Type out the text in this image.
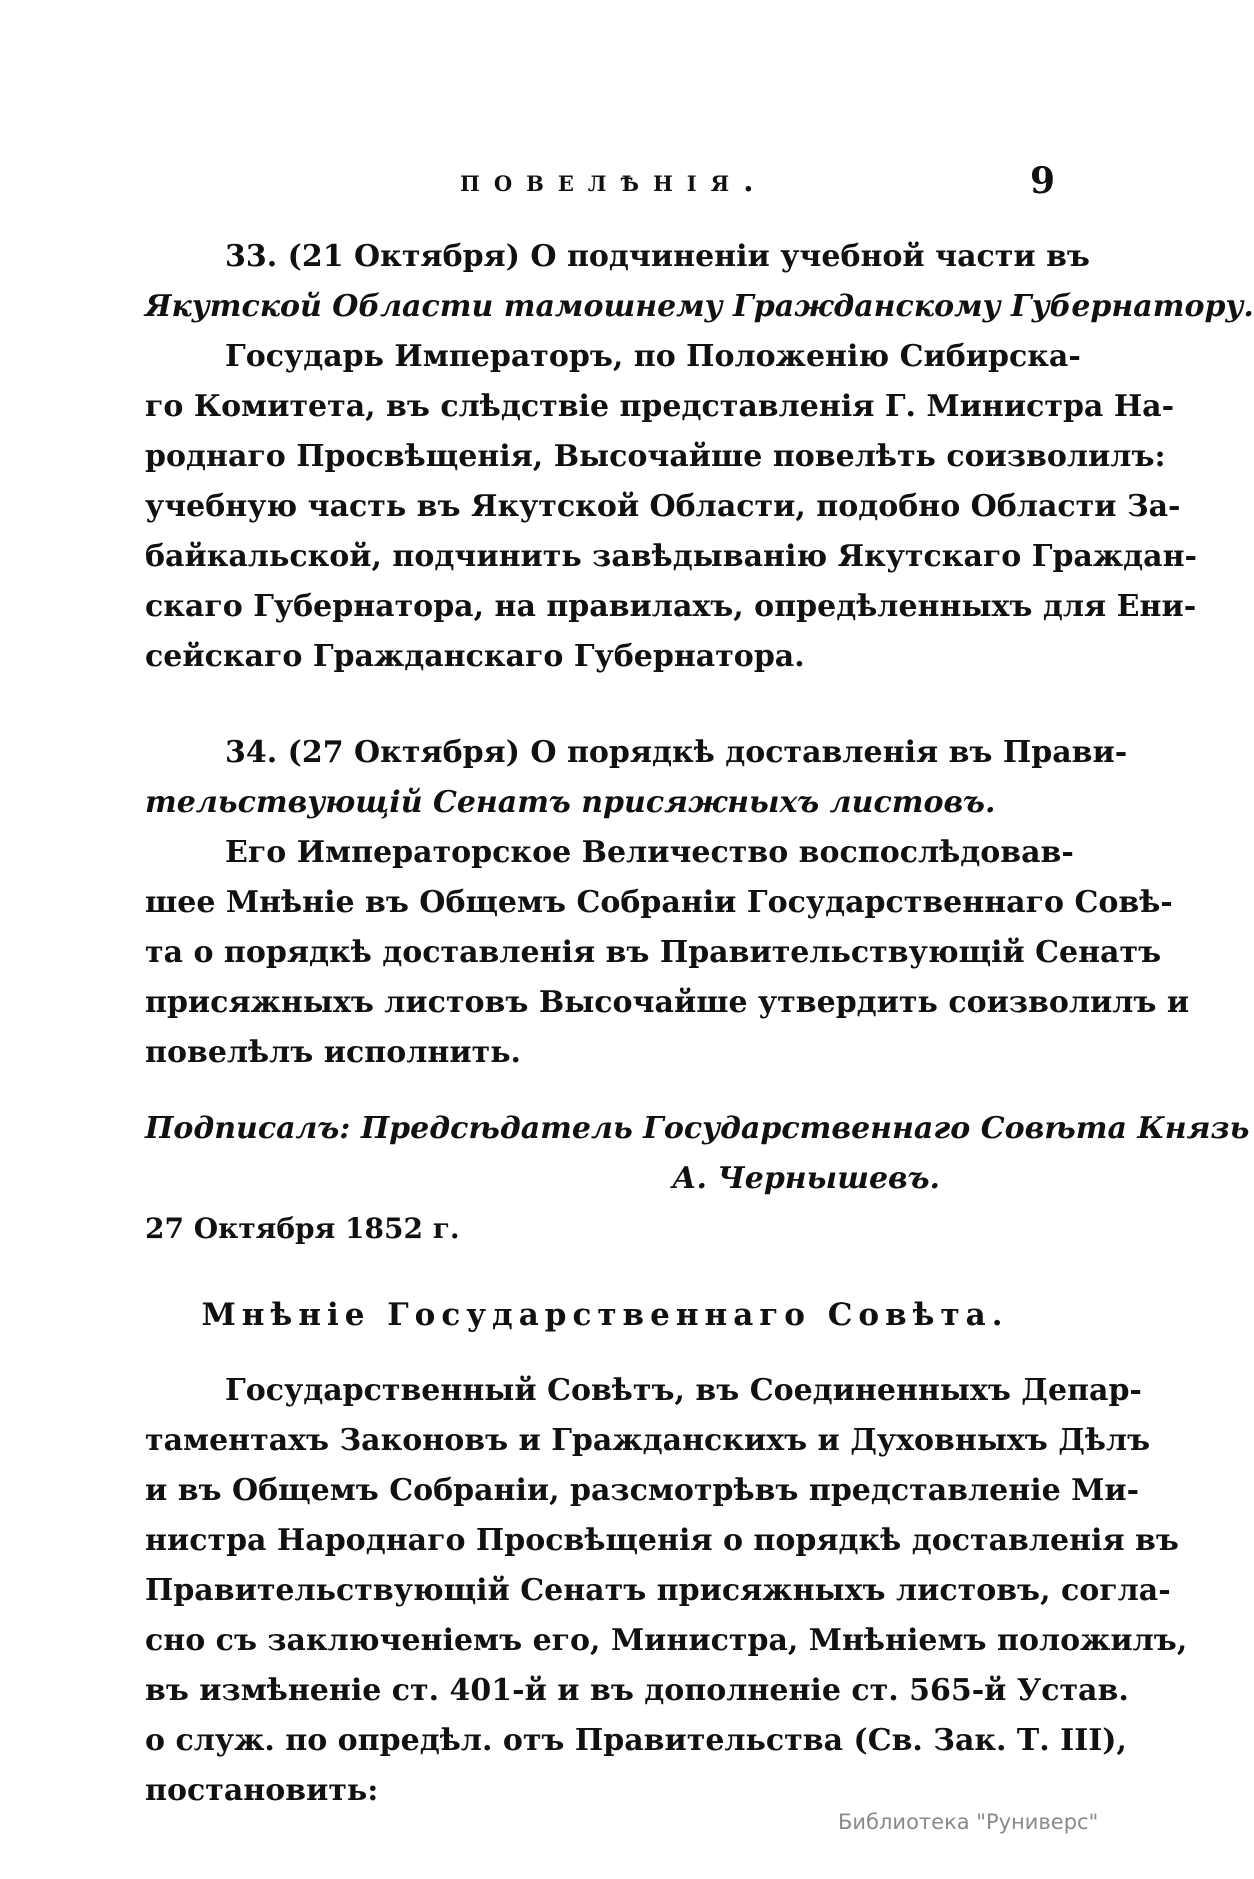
повелѣнія.	9
33. (21 Октября) О подчиненіи учебной части въ
Якутской Области тамошнему Гражданскому Губернатору.
Государь Императоръ, по Положенію Сибирска-
го Комитета, въ слѣдствіе представленія Г. Министра На-
роднаго Просвѣщенія, Высочайше повелѣть соизволилъ:
учебную часть въ Якутской Области, подобно Области За-
байкальской, подчинить завѣдыванію Якутскаго Граждан-
скаго Губернатора, на правилахъ, опредѣленныхъ для Ени-
сейскаго Гражданскаго Губернатора.
34. (27 Октября) О порядкѣ доставленія въ Прави-
тельствующій Сенатъ присяжныхъ листовъ.
Его Императорское Величество воспослѣдовав-
шее Мнѣніе въ Общемъ Собраніи Государственнаго Совѣ-
та о порядкѣ доставленія въ Правительствующій Сенатъ
присяжныхъ листовъ Высочайше утвердить соизволилъ и
повелѣлъ исполнить.
Подписалъ: Предсѣдатель Государственнаго Совѣта Князь
А. Чернышевъ.
27 Октября 1852 г.
Мнѣніе Государственнаго Совѣта.
Государственный Совѣтъ, въ Соединенныхъ Депар-
таментахъ Законовъ и Гражданскихъ и Духовныхъ Дѣлъ
и въ Общемъ Собраніи, разсмотрѣвъ представленіе Ми-
нистра Народнаго Просвѣщенія о порядкѣ доставленія въ
Правительствующій Сенатъ присяжныхъ листовъ, согла-
сно съ заключеніемъ его, Министра, Мнѣніемъ положилъ,
въ измѣненіе ст. 401-й и въ дополненіе ст. 565-й Устав.
о служ. по опредѣл. отъ Правительства (Св. Зак. Т. III),
постановить:
Библиотека "Руниверс"
